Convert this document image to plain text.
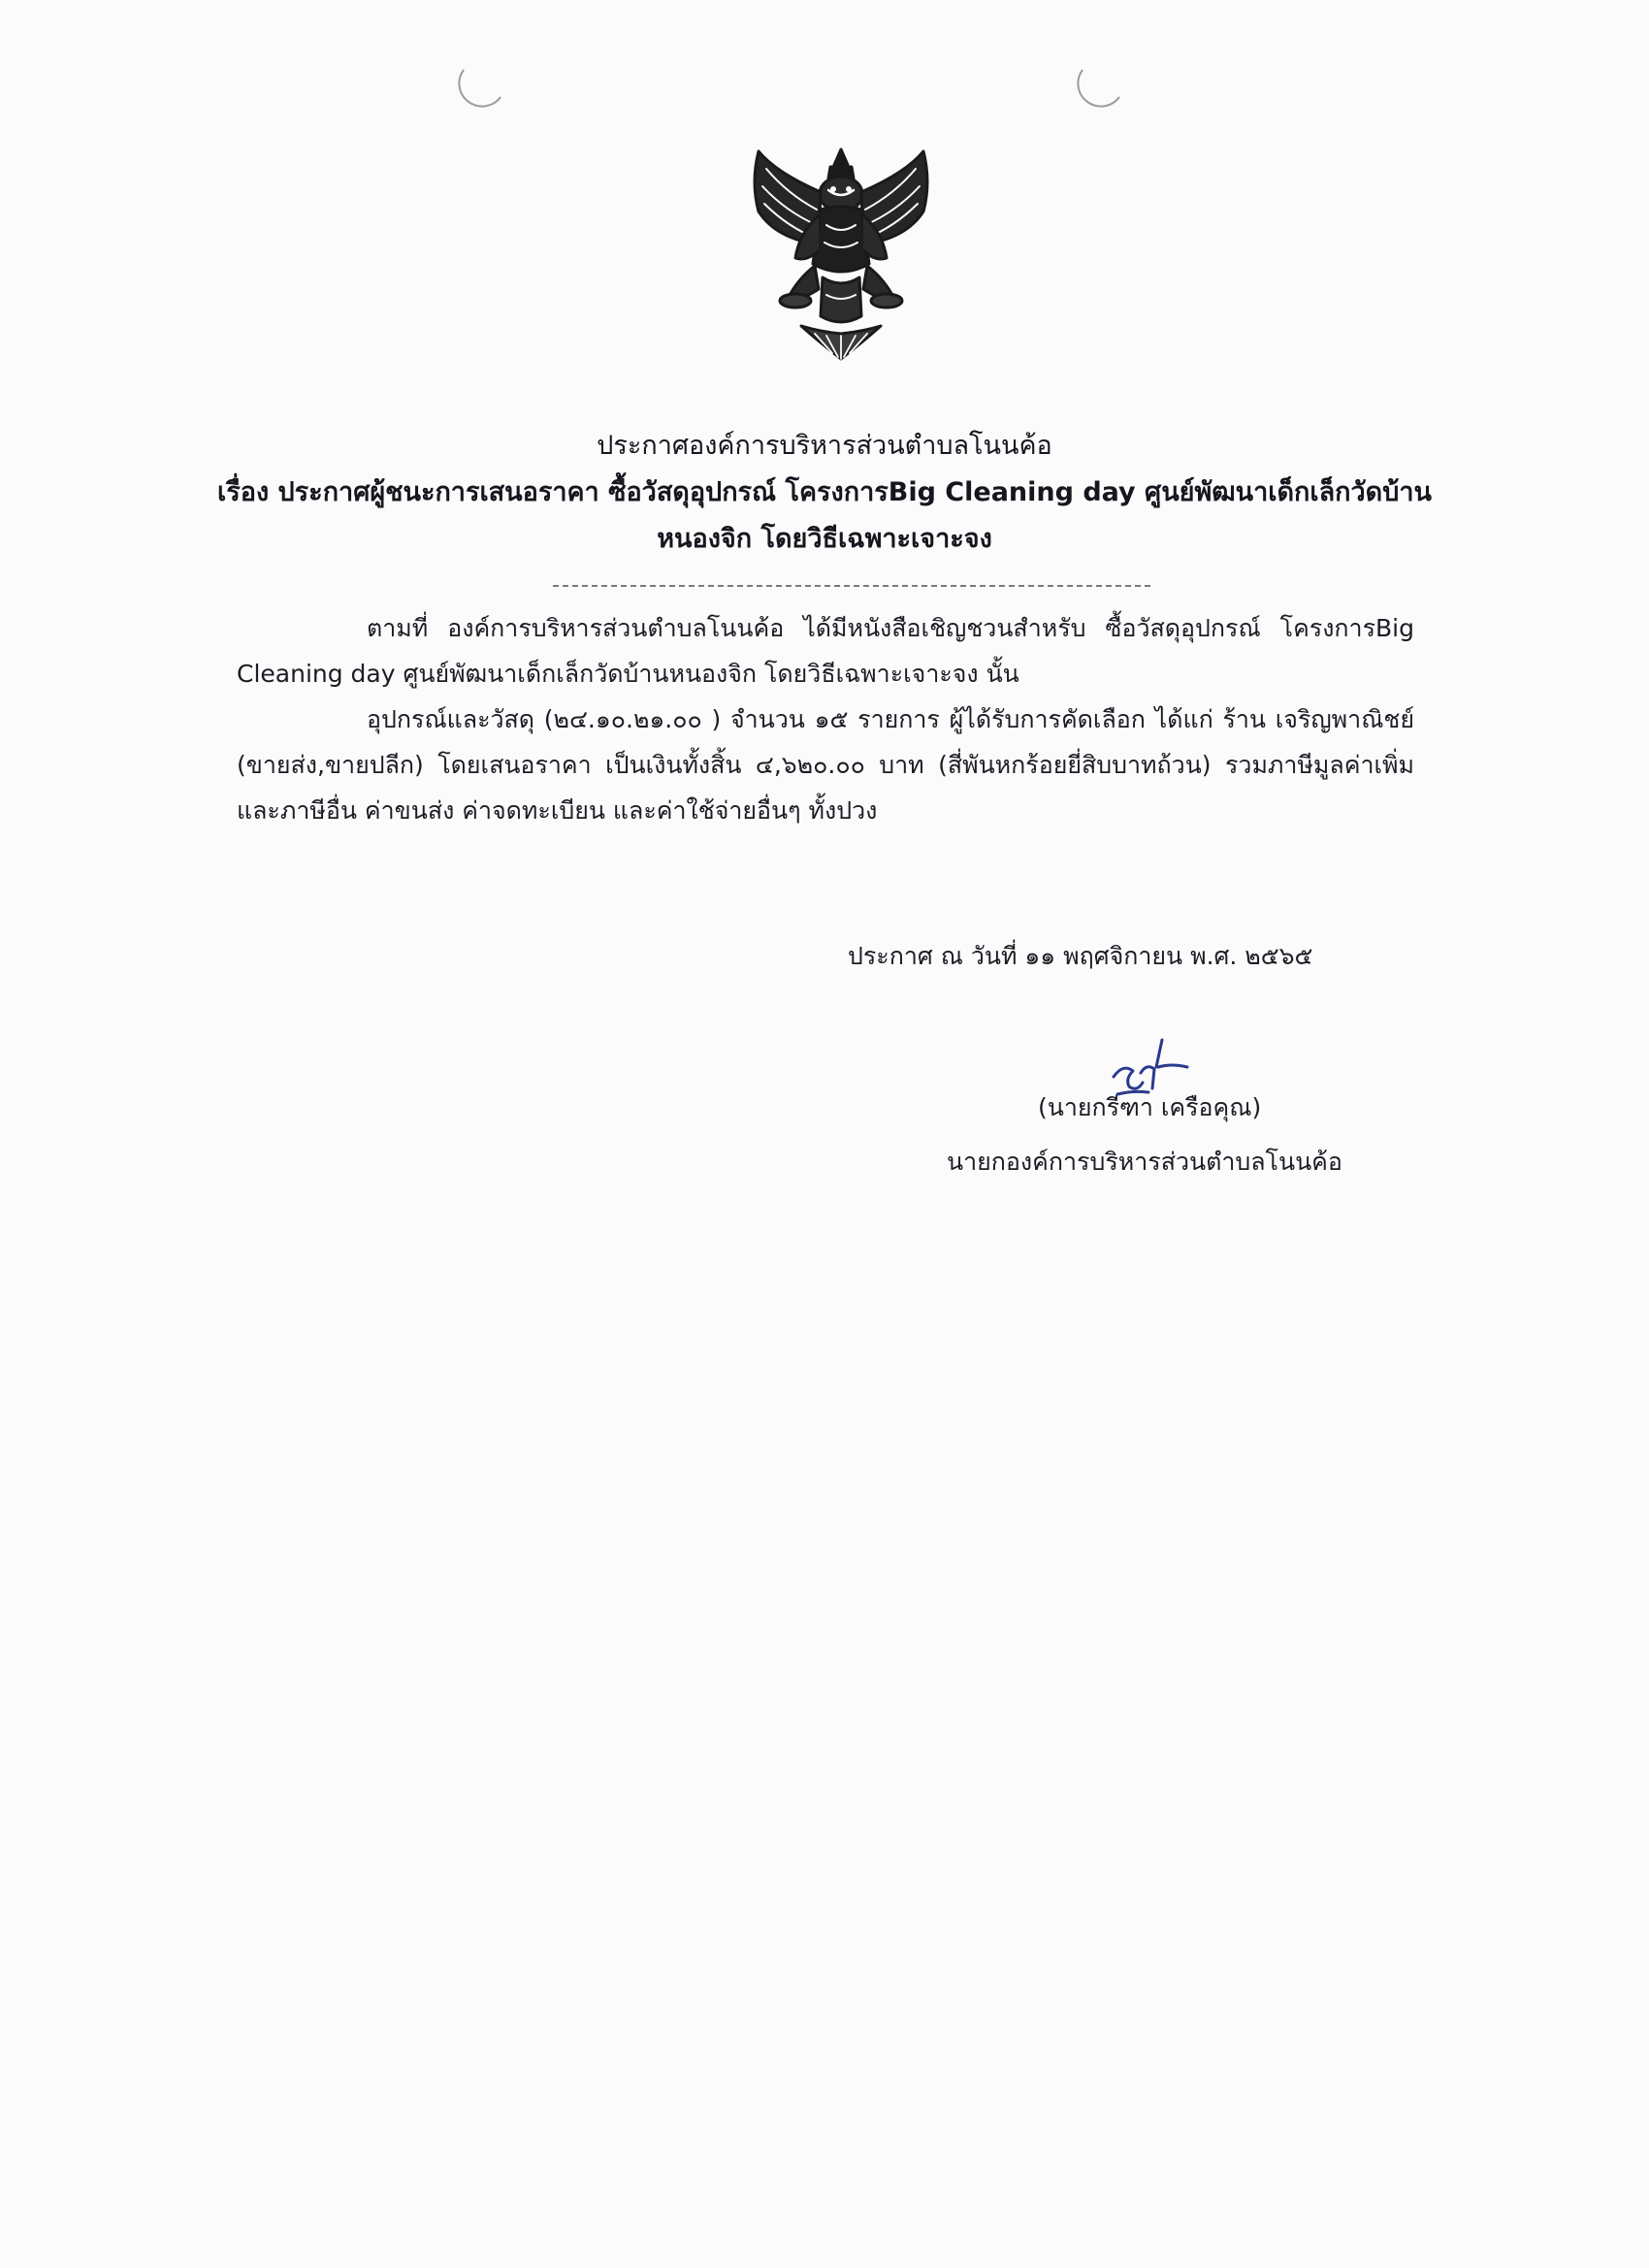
ประกาศองค์การบริหารส่วนตำบลโนนค้อ
เรื่อง ประกาศผู้ชนะการเสนอราคา ซื้อวัสดุอุปกรณ์ โครงการBig Cleaning day ศูนย์พัฒนาเด็กเล็กวัดบ้าน
หนองจิก โดยวิธีเฉพาะเจาะจง
ตามที่ องค์การบริหารส่วนตำบลโนนค้อ ได้มีหนังสือเชิญชวนสำหรับ ซื้อวัสดุอุปกรณ์ โครงการBig
Cleaning day ศูนย์พัฒนาเด็กเล็กวัดบ้านหนองจิก โดยวิธีเฉพาะเจาะจง นั้น
อุปกรณ์และวัสดุ (๒๔.๑๐.๒๑.๐๐ ) จำนวน ๑๕ รายการ ผู้ได้รับการคัดเลือก ได้แก่ ร้าน เจริญพาณิชย์
(ขายส่ง,ขายปลีก) โดยเสนอราคา เป็นเงินทั้งสิ้น ๔,๖๒๐.๐๐ บาท (สี่พันหกร้อยยี่สิบบาทถ้วน) รวมภาษีมูลค่าเพิ่ม
และภาษีอื่น ค่าขนส่ง ค่าจดทะเบียน และค่าใช้จ่ายอื่นๆ ทั้งปวง
ประกาศ ณ วันที่ ๑๑ พฤศจิกายน พ.ศ. ๒๕๖๕
(นายกรีฑา เครือคุณ)
นายกองค์การบริหารส่วนตำบลโนนค้อ
